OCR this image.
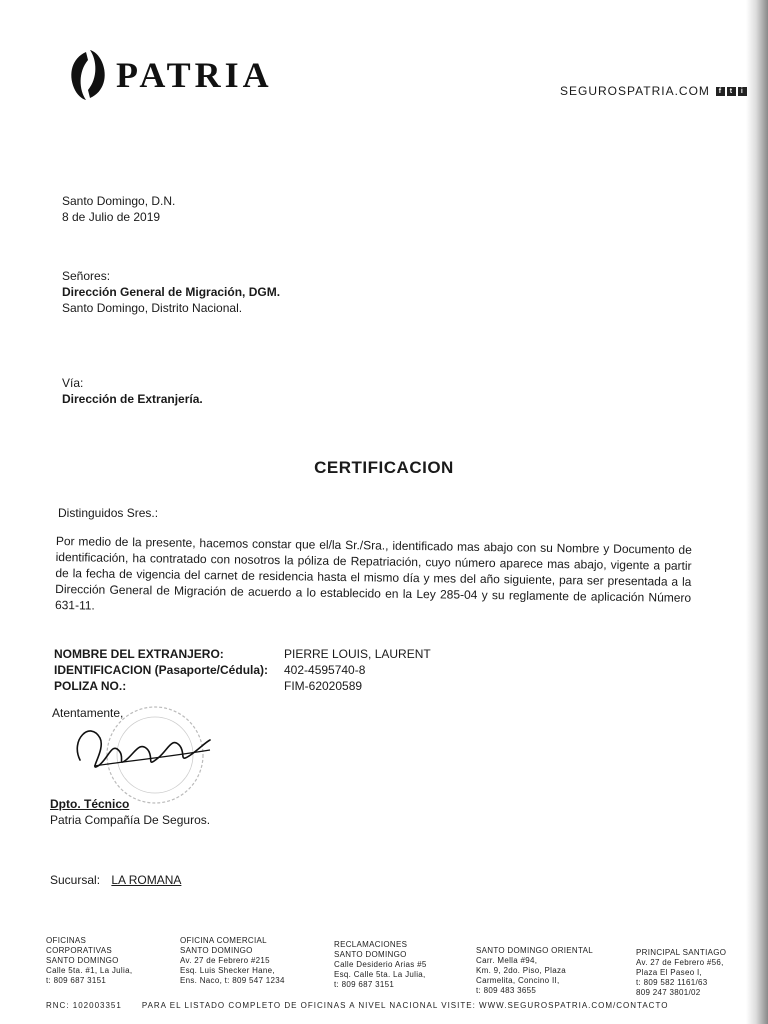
PATRIA	SEGUROSPATRIA.COM	f	t	i
Santo Domingo, D.N.
8 de Julio de 2019
Señores:
Dirección General de Migración, DGM.
Santo Domingo, Distrito Nacional.
Vía:
Dirección de Extranjería.
CERTIFICACION
Distinguidos Sres.:
Por medio de la presente, hacemos constar que el/la Sr./Sra., identificado mas abajo con su Nombre y Documento de identificación, ha contratado con nosotros la póliza de Repatriación, cuyo número aparece mas abajo, vigente a partir de la fecha de vigencia del carnet de residencia hasta el mismo día y mes del año siguiente, para ser presentada a la Dirección General de Migración de acuerdo a lo establecido en la Ley 285-04 y su reglamente de aplicación Número 631-11.
NOMBRE DEL EXTRANJERO:	PIERRE LOUIS, LAURENT
IDENTIFICACION (Pasaporte/Cédula):	402-4595740-8
POLIZA NO.:	FIM-62020589
Atentamente,
Dpto. Técnico
Patria Compañía De Seguros.
Sucursal: LA ROMANA
OFICINAS
CORPORATIVAS
SANTO DOMINGO
Calle 5ta. #1, La Julia,
t: 809 687 3151
OFICINA COMERCIAL
SANTO DOMINGO
Av. 27 de Febrero #215
Esq. Luis Shecker Hane,
Ens. Naco, t: 809 547 1234
RECLAMACIONES
SANTO DOMINGO
Calle Desiderio Arias #5
Esq. Calle 5ta. La Julia,
t: 809 687 3151
SANTO DOMINGO ORIENTAL
Carr. Mella #94,
Km. 9, 2do. Piso, Plaza
Carmelita, Concino II,
t: 809 483 3655
PRINCIPAL SANTIAGO
Av. 27 de Febrero #56,
Plaza El Paseo I,
t: 809 582 1161/63
809 247 3801/02
RNC: 102003351	PARA EL LISTADO COMPLETO DE OFICINAS A NIVEL NACIONAL VISITE: WWW.SEGUROSPATRIA.COM/CONTACTO
